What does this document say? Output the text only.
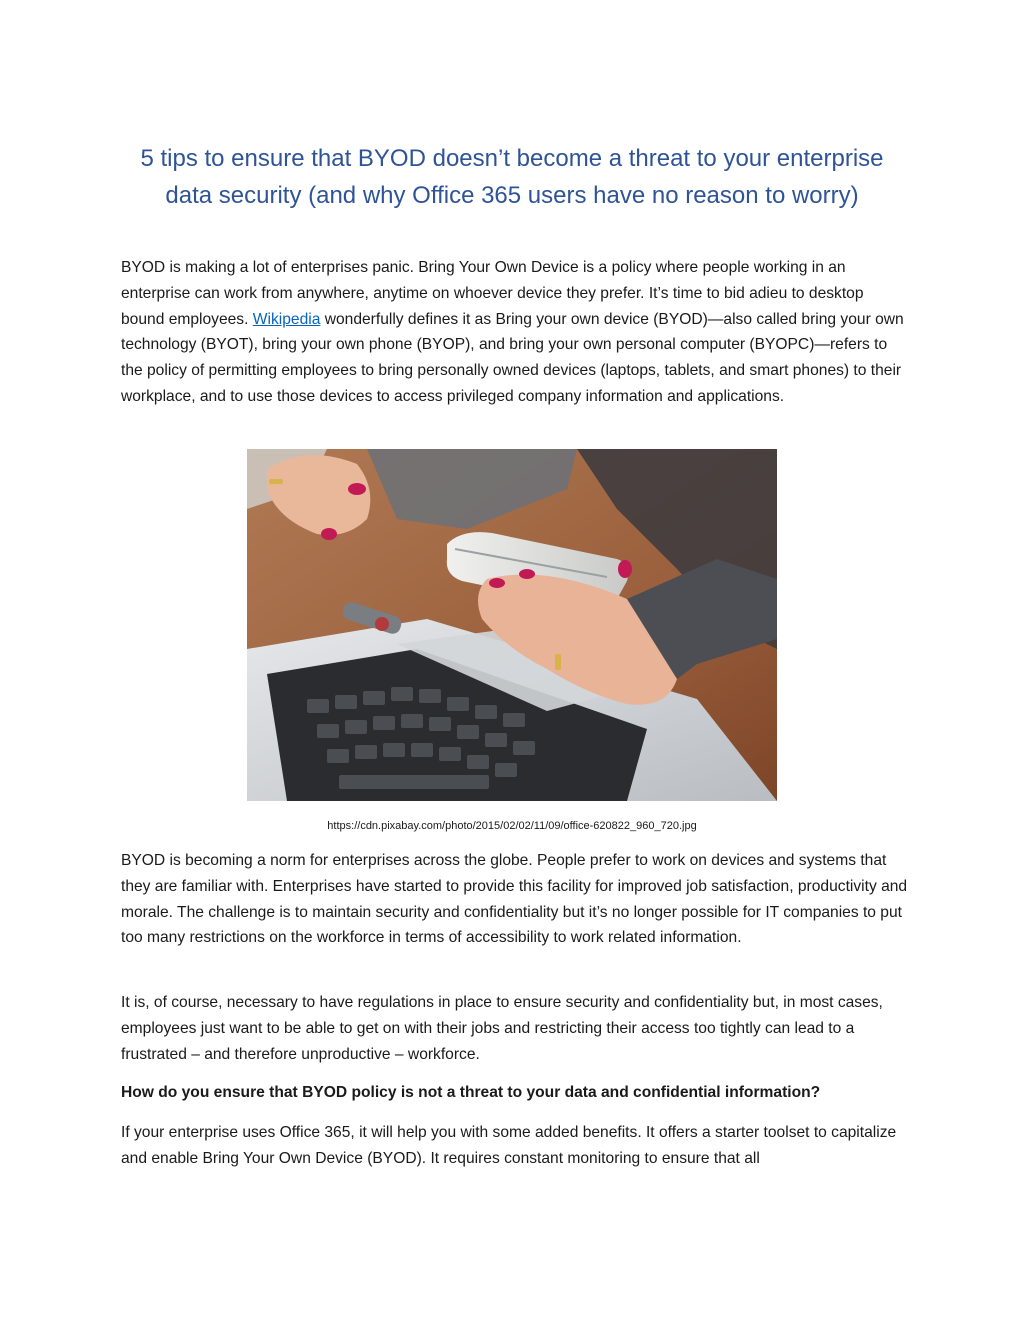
5 tips to ensure that BYOD doesn’t become a threat to your enterprise
data security (and why Office 365 users have no reason to worry)

BYOD is making a lot of enterprises panic. Bring Your Own Device is a policy where people working in an enterprise can work from anywhere, anytime on whoever device they prefer. It’s time to bid adieu to desktop bound employees. Wikipedia wonderfully defines it as Bring your own device (BYOD)—also called bring your own technology (BYOT), bring your own phone (BYOP), and bring your own personal computer (BYOPC)—refers to the policy of permitting employees to bring personally owned devices (laptops, tablets, and smart phones) to their workplace, and to use those devices to access privileged company information and applications.

https://cdn.pixabay.com/photo/2015/02/02/11/09/office-620822_960_720.jpg

BYOD is becoming a norm for enterprises across the globe. People prefer to work on devices and systems that they are familiar with. Enterprises have started to provide this facility for improved job satisfaction, productivity and morale. The challenge is to maintain security and confidentiality but it’s no longer possible for IT companies to put too many restrictions on the workforce in terms of accessibility to work related information.

It is, of course, necessary to have regulations in place to ensure security and confidentiality but, in most cases, employees just want to be able to get on with their jobs and restricting their access too tightly can lead to a frustrated – and therefore unproductive – workforce.

How do you ensure that BYOD policy is not a threat to your data and confidential information?

If your enterprise uses Office 365, it will help you with some added benefits. It offers a starter toolset to capitalize and enable Bring Your Own Device (BYOD). It requires constant monitoring to ensure that all
